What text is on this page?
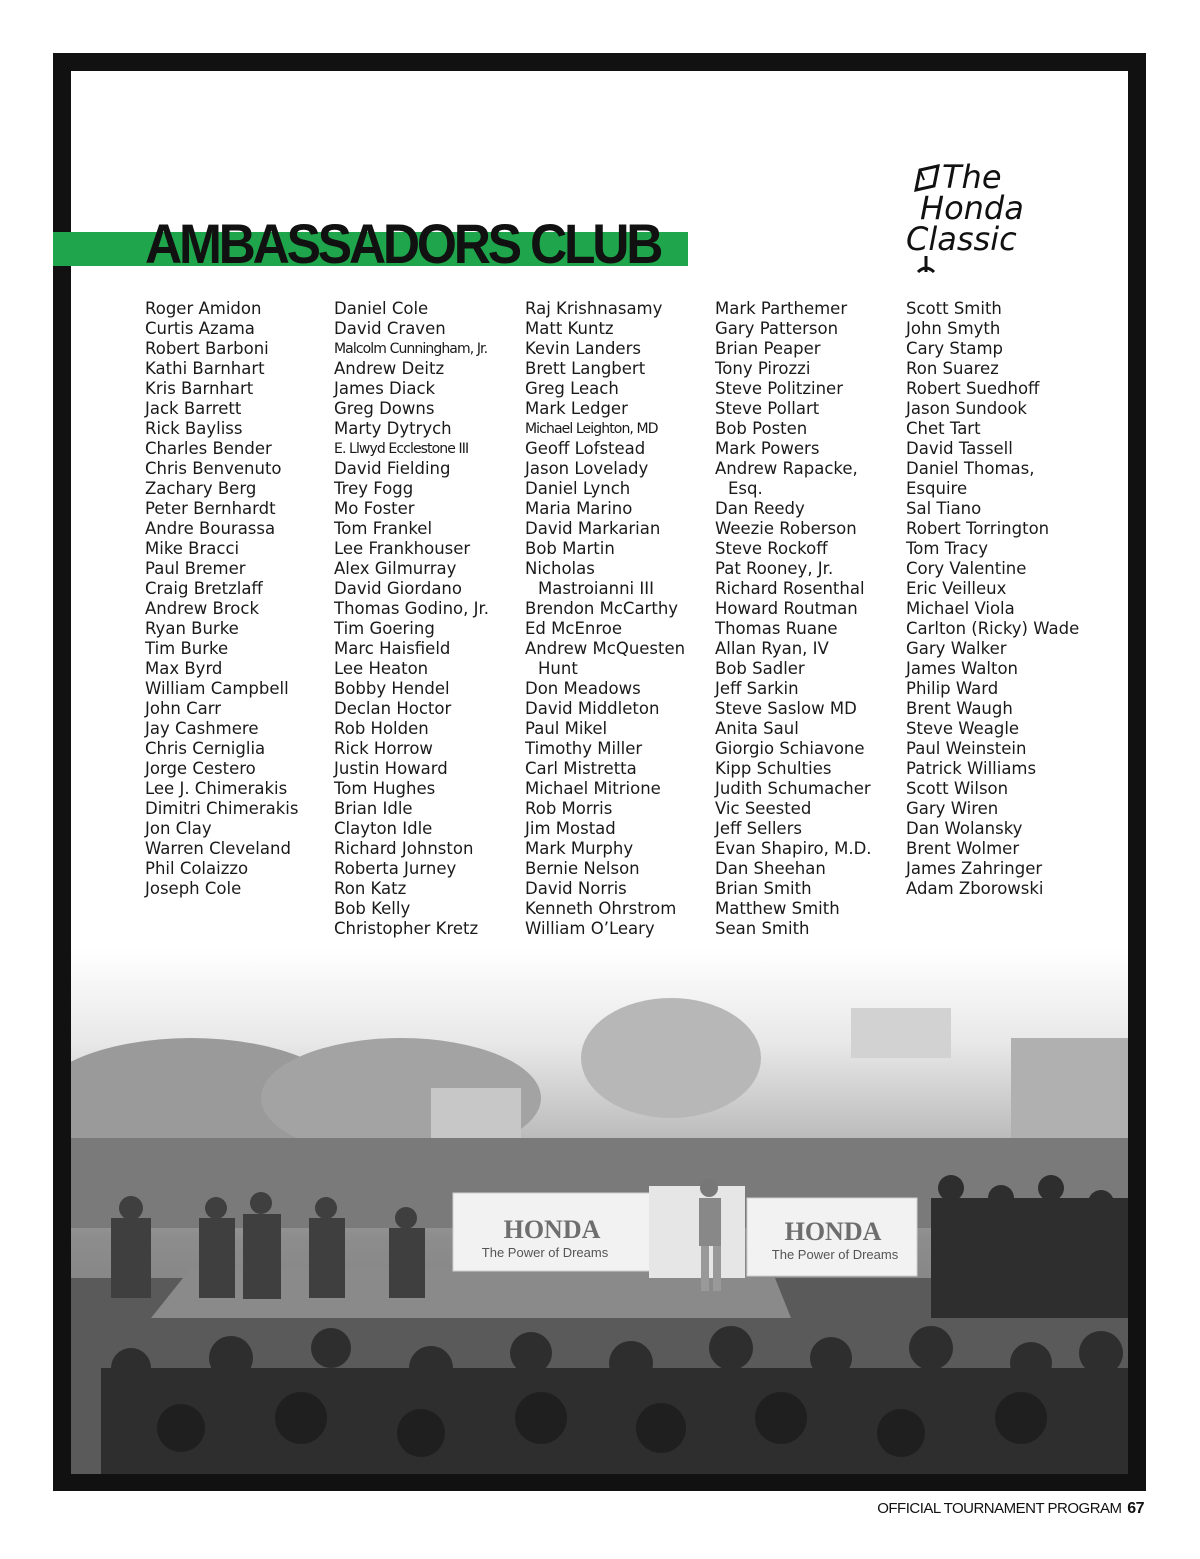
AMBASSADORS CLUB
The
Honda
Classic
Roger Amidon
Curtis Azama
Robert Barboni
Kathi Barnhart
Kris Barnhart
Jack Barrett
Rick Bayliss
Charles Bender
Chris Benvenuto
Zachary Berg
Peter Bernhardt
Andre Bourassa
Mike Bracci
Paul Bremer
Craig Bretzlaff
Andrew Brock
Ryan Burke
Tim Burke
Max Byrd
William Campbell
John Carr
Jay Cashmere
Chris Cerniglia
Jorge Cestero
Lee J. Chimerakis
Dimitri Chimerakis
Jon Clay
Warren Cleveland
Phil Colaizzo
Joseph Cole
Daniel Cole
David Craven
Malcolm Cunningham, Jr.
Andrew Deitz
James Diack
Greg Downs
Marty Dytrych
E. Llwyd Ecclestone III
David Fielding
Trey Fogg
Mo Foster
Tom Frankel
Lee Frankhouser
Alex Gilmurray
David Giordano
Thomas Godino, Jr.
Tim Goering
Marc Haisfield
Lee Heaton
Bobby Hendel
Declan Hoctor
Rob Holden
Rick Horrow
Justin Howard
Tom Hughes
Brian Idle
Clayton Idle
Richard Johnston
Roberta Jurney
Ron Katz
Bob Kelly
Christopher Kretz
Raj Krishnasamy
Matt Kuntz
Kevin Landers
Brett Langbert
Greg Leach
Mark Ledger
Michael Leighton, MD
Geoff Lofstead
Jason Lovelady
Daniel Lynch
Maria Marino
David Markarian
Bob Martin
Nicholas
Mastroianni III
Brendon McCarthy
Ed McEnroe
Andrew McQuesten
Hunt
Don Meadows
David Middleton
Paul Mikel
Timothy Miller
Carl Mistretta
Michael Mitrione
Rob Morris
Jim Mostad
Mark Murphy
Bernie Nelson
David Norris
Kenneth Ohrstrom
William O’Leary
Mark Parthemer
Gary Patterson
Brian Peaper
Tony Pirozzi
Steve Politziner
Steve Pollart
Bob Posten
Mark Powers
Andrew Rapacke,
Esq.
Dan Reedy
Weezie Roberson
Steve Rockoff
Pat Rooney, Jr.
Richard Rosenthal
Howard Routman
Thomas Ruane
Allan Ryan, IV
Bob Sadler
Jeff Sarkin
Steve Saslow MD
Anita Saul
Giorgio Schiavone
Kipp Schulties
Judith Schumacher
Vic Seested
Jeff Sellers
Evan Shapiro, M.D.
Dan Sheehan
Brian Smith
Matthew Smith
Sean Smith
Scott Smith
John Smyth
Cary Stamp
Ron Suarez
Robert Suedhoff
Jason Sundook
Chet Tart
David Tassell
Daniel Thomas,
Esquire
Sal Tiano
Robert Torrington
Tom Tracy
Cory Valentine
Eric Veilleux
Michael Viola
Carlton (Ricky) Wade
Gary Walker
James Walton
Philip Ward
Brent Waugh
Steve Weagle
Paul Weinstein
Patrick Williams
Scott Wilson
Gary Wiren
Dan Wolansky
Brent Wolmer
James Zahringer
Adam Zborowski
HONDA
The Power of Dreams
HONDA
The Power of Dreams
OFFICIAL TOURNAMENT PROGRAM 67
